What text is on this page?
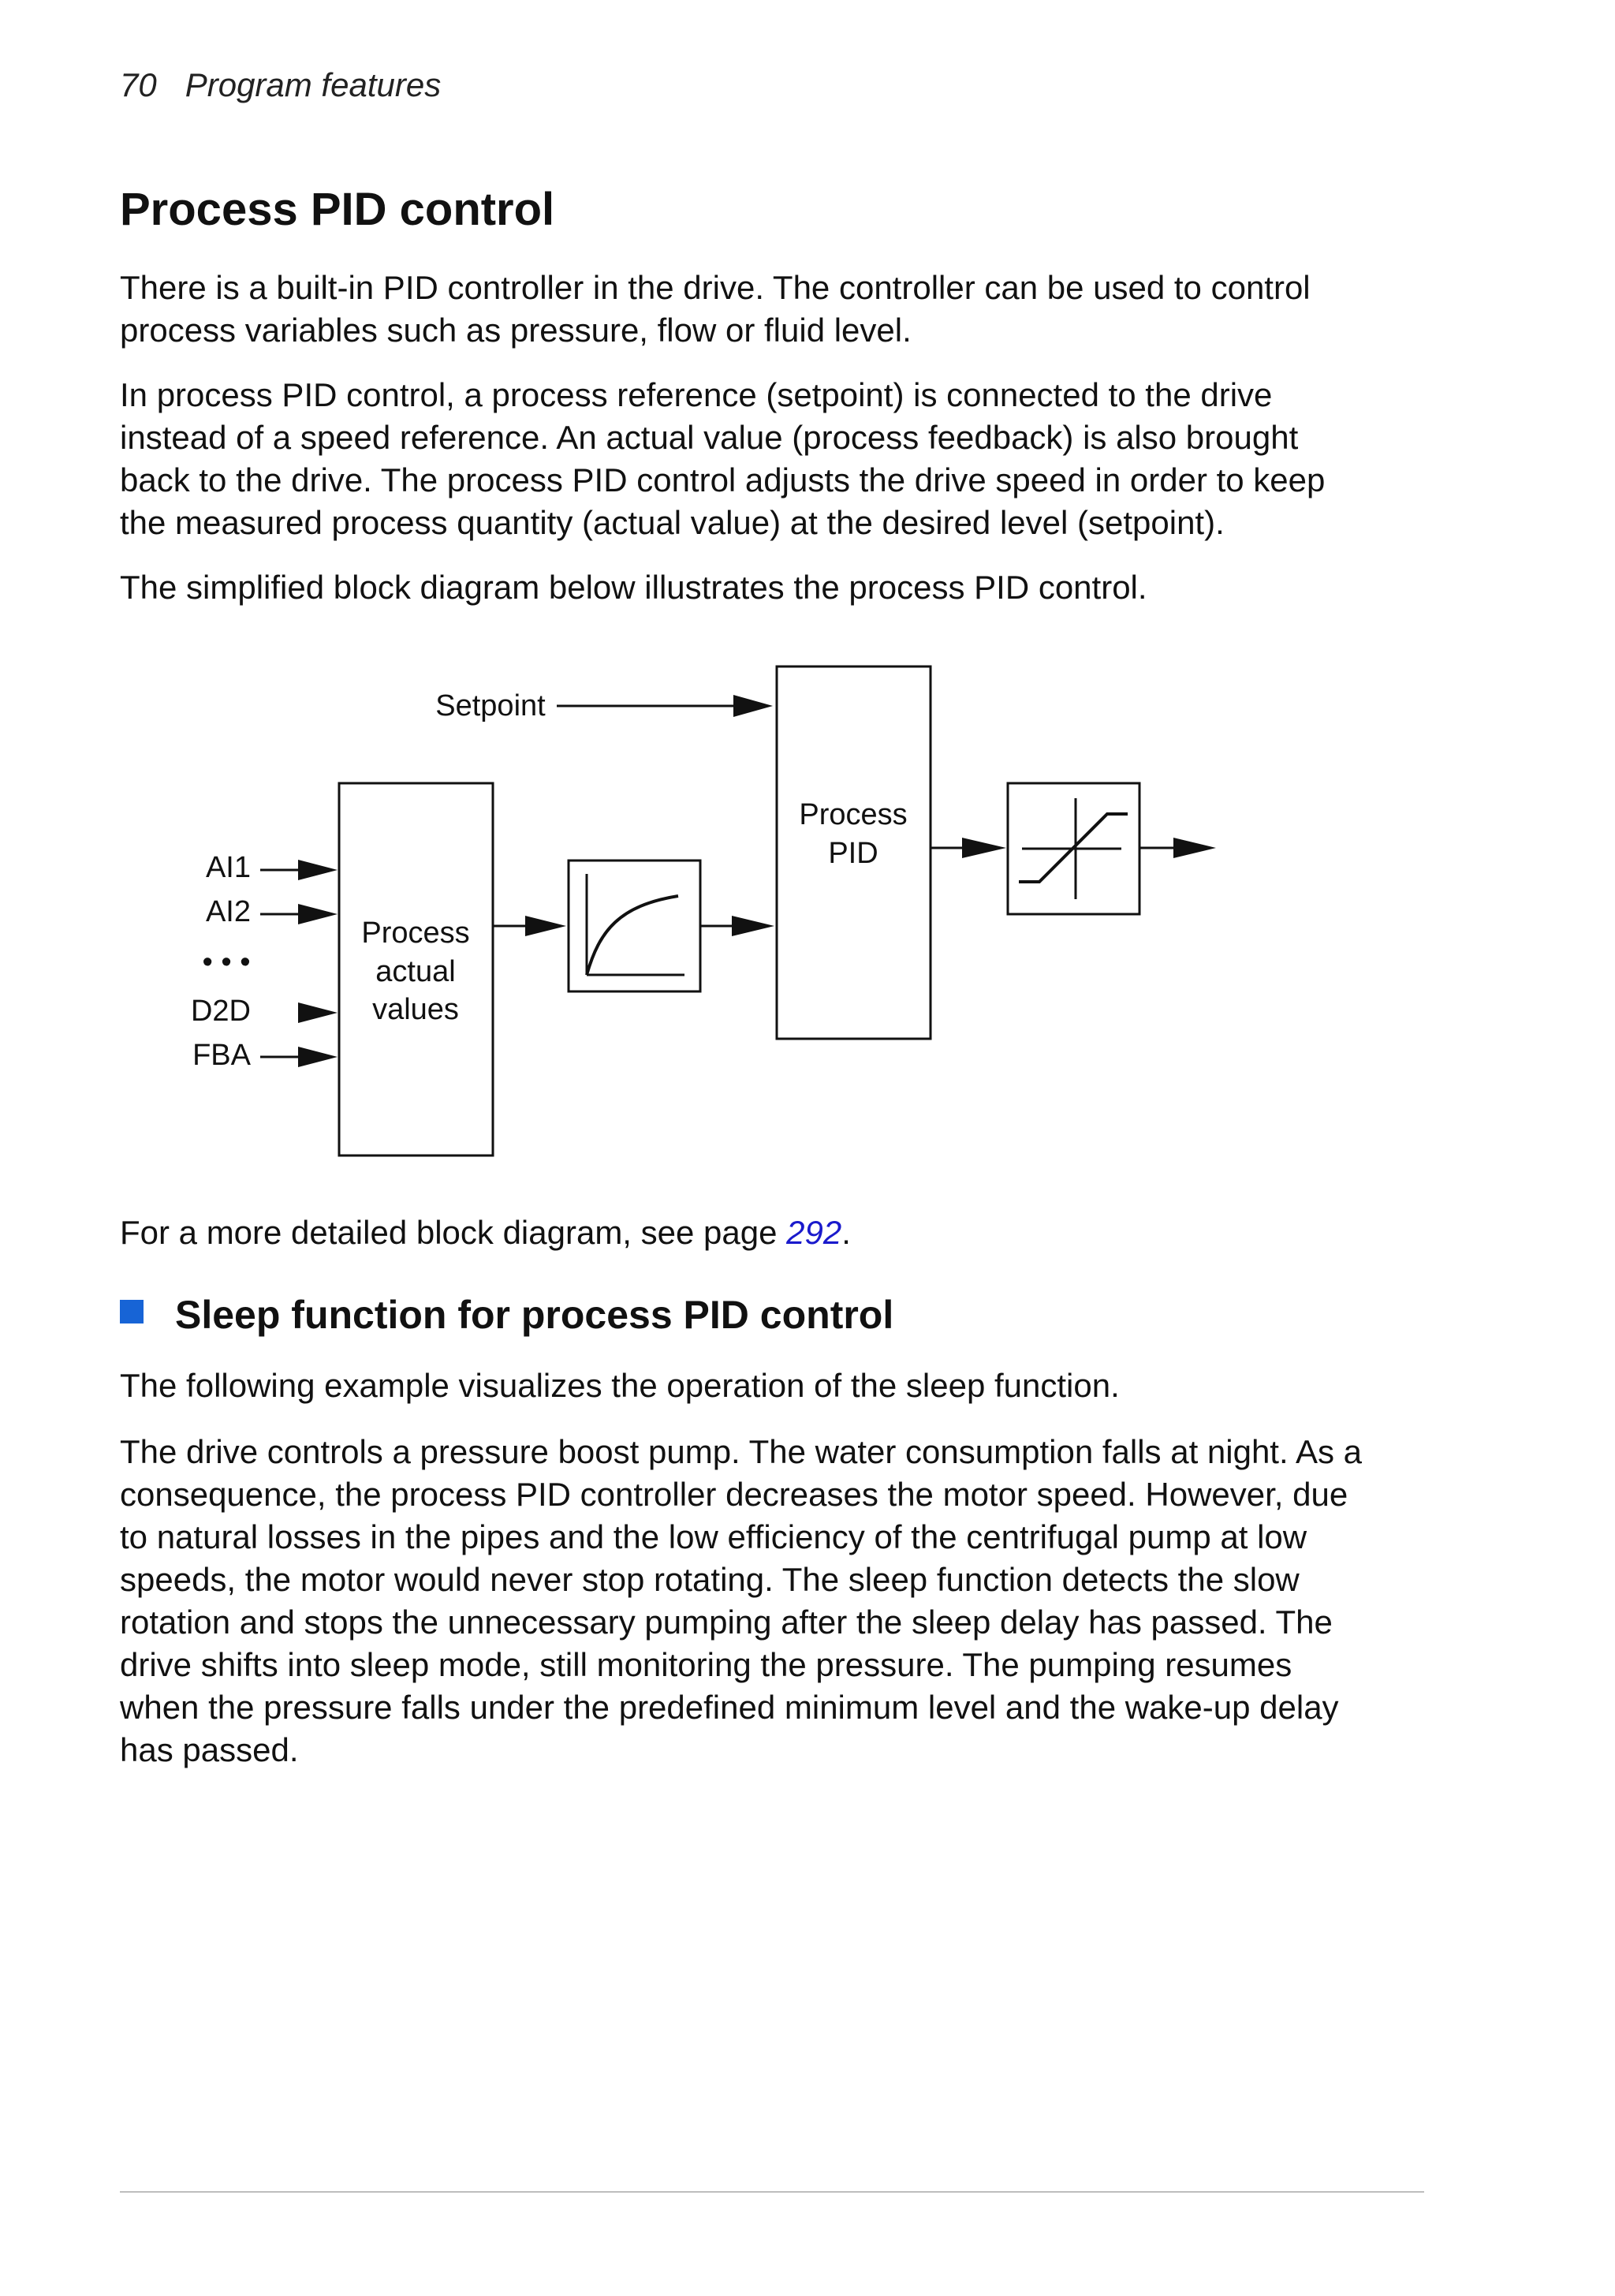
70 Program features
Process PID control

There is a built-in PID controller in the drive. The controller can be used to control
process variables such as pressure, flow or fluid level.

In process PID control, a process reference (setpoint) is connected to the drive
instead of a speed reference. An actual value (process feedback) is also brought
back to the drive. The process PID control adjusts the drive speed in order to keep
the measured process quantity (actual value) at the desired level (setpoint).

The simplified block diagram below illustrates the process PID control.

Setpoint
AI1
AI2
• • •
D2D
FBA
Process
actual
values
Process
PID

For a more detailed block diagram, see page 292.

Sleep function for process PID control

The following example visualizes the operation of the sleep function.

The drive controls a pressure boost pump. The water consumption falls at night. As a
consequence, the process PID controller decreases the motor speed. However, due
to natural losses in the pipes and the low efficiency of the centrifugal pump at low
speeds, the motor would never stop rotating. The sleep function detects the slow
rotation and stops the unnecessary pumping after the sleep delay has passed. The
drive shifts into sleep mode, still monitoring the pressure. The pumping resumes
when the pressure falls under the predefined minimum level and the wake-up delay
has passed.
